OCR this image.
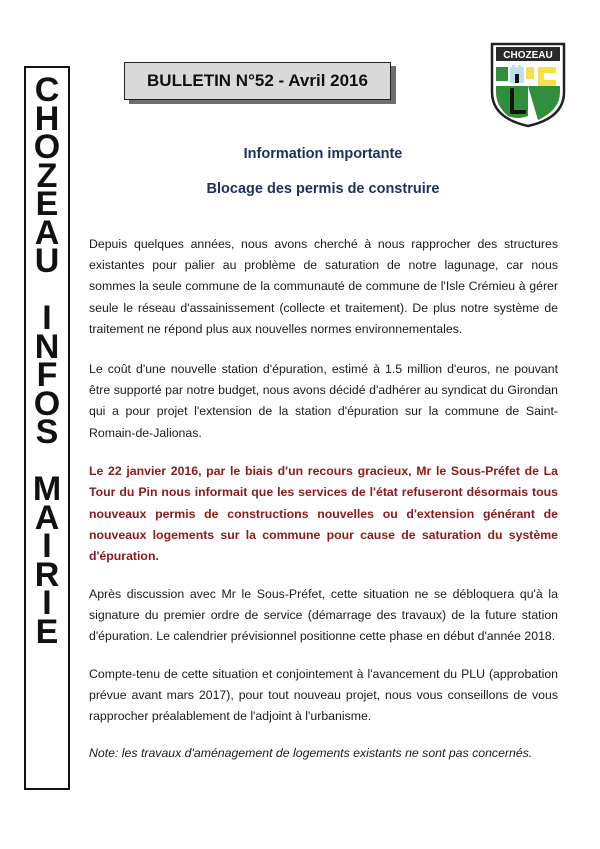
C
H
O
Z
E
A
U
I
N
F
O
S
M
A
I
R
I
E
BULLETIN N°52 - Avril 2016
CHOZEAU
Information importante
Blocage des permis de construire

Depuis quelques années, nous avons cherché à nous rapprocher des structures existantes pour palier au problème de saturation de notre lagunage, car nous sommes la seule commune de la communauté de commune de l'Isle Crémieu à gérer seule le réseau d'assainissement (collecte et traitement). De plus notre système de traitement ne répond plus aux nouvelles normes environnementales.

Le coût d'une nouvelle station d'épuration, estimé à 1.5 million d'euros, ne pouvant être supporté par notre budget, nous avons décidé d'adhérer au syndicat du Girondan qui a pour projet l'extension de la station d'épuration sur la commune de Saint-Romain-de-Jalionas.

Le 22 janvier 2016, par le biais d'un recours gracieux, Mr le Sous-Préfet de La Tour du Pin nous informait que les services de l'état refuseront désormais tous nouveaux permis de constructions nouvelles ou d'extension générant de nouveaux logements sur la commune pour cause de saturation du système d'épuration.

Après discussion avec Mr le Sous-Préfet, cette situation ne se débloquera qu'à la signature du premier ordre de service (démarrage des travaux) de la future station d'épuration. Le calendrier prévisionnel positionne cette phase en début d'année 2018.

Compte-tenu de cette situation et conjointement à l'avancement du PLU (approbation prévue avant mars 2017), pour tout nouveau projet, nous vous conseillons de vous rapprocher préalablement de l'adjoint à l'urbanisme.

Note: les travaux d'aménagement de logements existants ne sont pas concernés.
